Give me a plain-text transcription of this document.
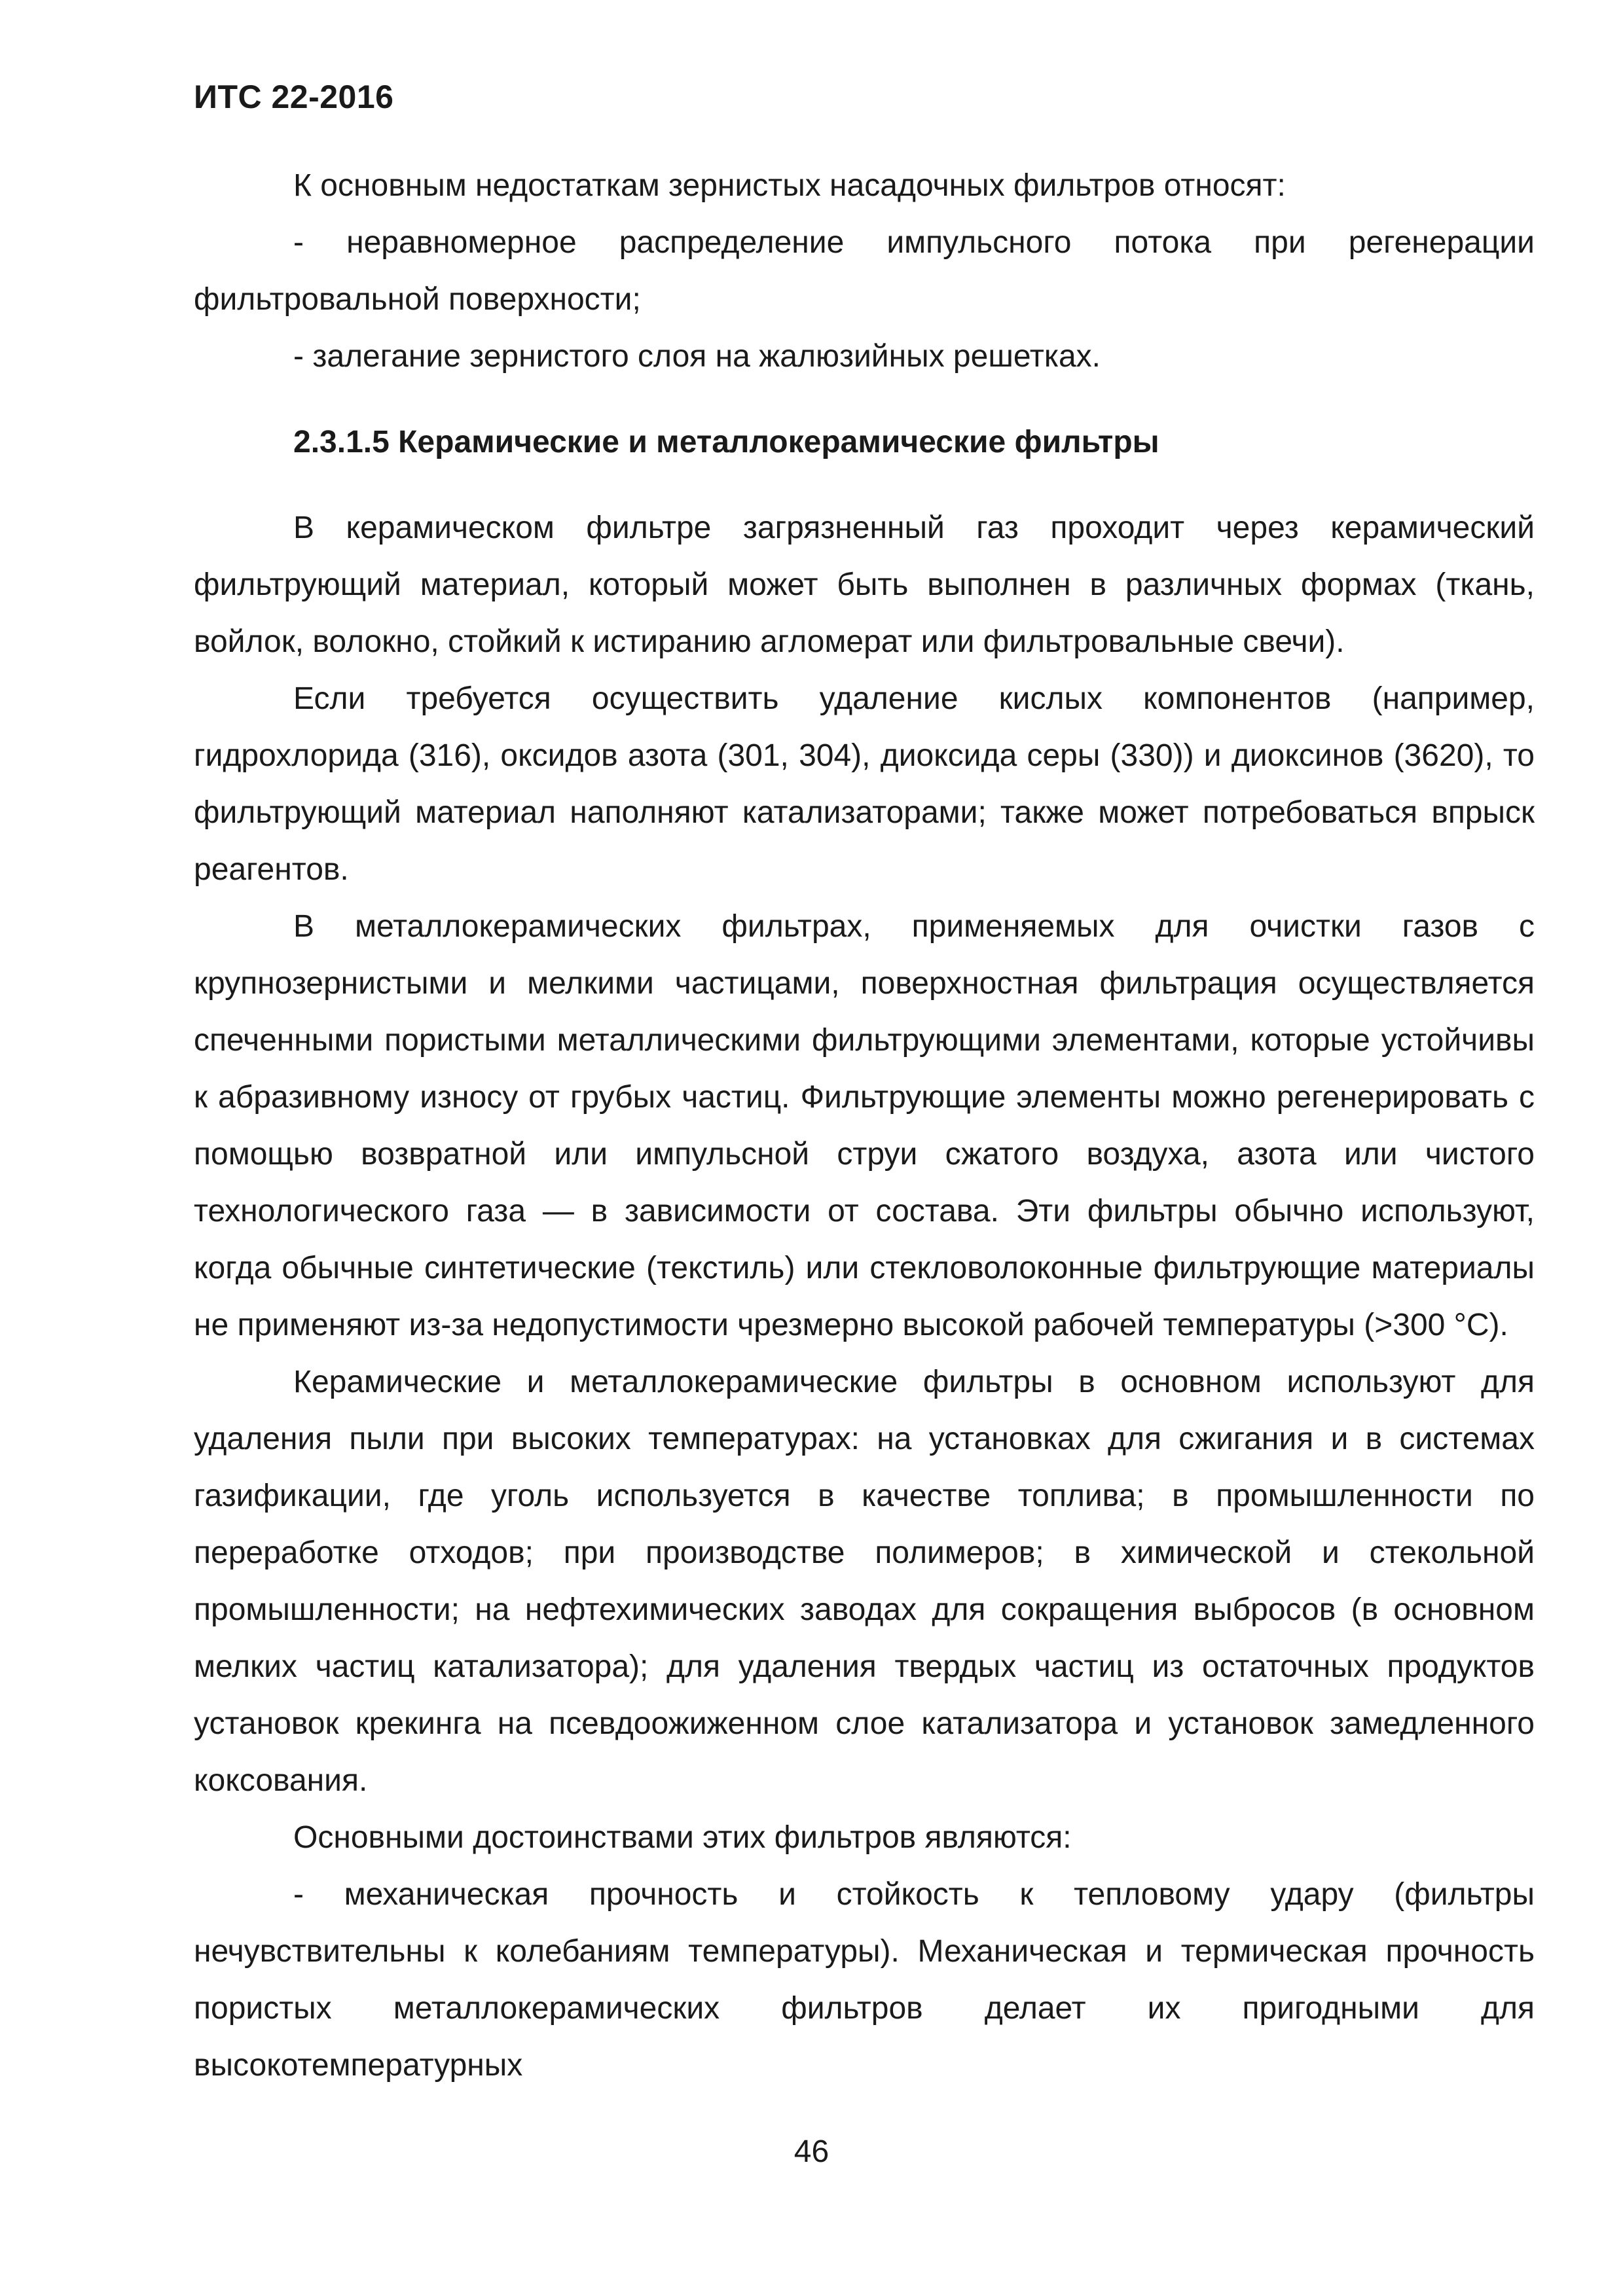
ИТС 22-2016

К основным недостаткам зернистых насадочных фильтров относят:

- неравномерное распределение импульсного потока при регенерации фильтровальной поверхности;

- залегание зернистого слоя на жалюзийных решетках.

2.3.1.5 Керамические и металлокерамические фильтры

В керамическом фильтре загрязненный газ проходит через керамический фильтрующий материал, который может быть выполнен в различных формах (ткань, войлок, волокно, стойкий к истиранию агломерат или фильтровальные свечи).

Если требуется осуществить удаление кислых компонентов (например, гидрохлорида (316), оксидов азота (301, 304), диоксида серы (330)) и диоксинов (3620), то фильтрующий материал наполняют катализаторами; также может потребоваться впрыск реагентов.

В металлокерамических фильтрах, применяемых для очистки газов с крупнозернистыми и мелкими частицами, поверхностная фильтрация осуществляется спеченными пористыми металлическими фильтрующими элементами, которые устойчивы к абразивному износу от грубых частиц. Фильтрующие элементы можно регенерировать с помощью возвратной или импульсной струи сжатого воздуха, азота или чистого технологического газа — в зависимости от состава. Эти фильтры обычно используют, когда обычные синтетические (текстиль) или стекловолоконные фильтрующие материалы не применяют из-за недопустимости чрезмерно высокой рабочей температуры (>300 °C).

Керамические и металлокерамические фильтры в основном используют для удаления пыли при высоких температурах: на установках для сжигания и в системах газификации, где уголь используется в качестве топлива; в промышленности по переработке отходов; при производстве полимеров; в химической и стекольной промышленности; на нефтехимических заводах для сокращения выбросов (в основном мелких частиц катализатора); для удаления твердых частиц из остаточных продуктов установок крекинга на псевдоожиженном слое катализатора и установок замедленного коксования.

Основными достоинствами этих фильтров являются:

- механическая прочность и стойкость к тепловому удару (фильтры нечувствительны к колебаниям температуры). Механическая и термическая прочность пористых металлокерамических фильтров делает их пригодными для высокотемпературных

46
